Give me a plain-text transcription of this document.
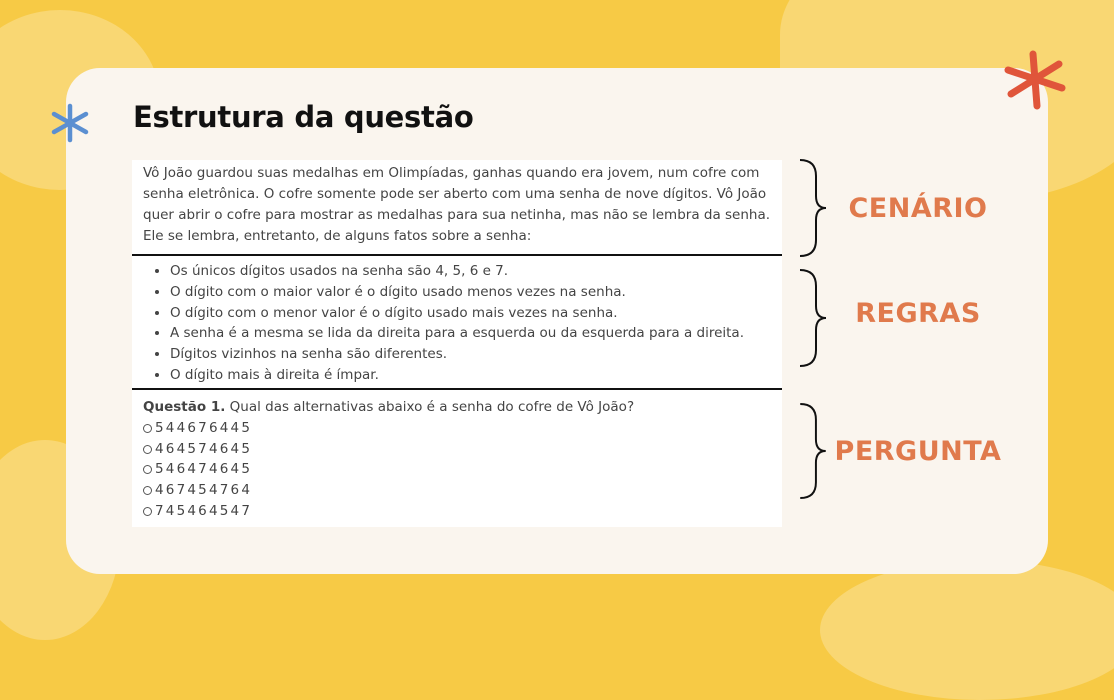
Estrutura da questão
Vô João guardou suas medalhas em Olimpíadas, ganhas quando era jovem, num cofre com senha eletrônica. O cofre somente pode ser aberto com uma senha de nove dígitos. Vô João quer abrir o cofre para mostrar as medalhas para sua netinha, mas não se lembra da senha. Ele se lembra, entretanto, de alguns fatos sobre a senha:
• Os únicos dígitos usados na senha são 4, 5, 6 e 7.
• O dígito com o maior valor é o dígito usado menos vezes na senha.
• O dígito com o menor valor é o dígito usado mais vezes na senha.
• A senha é a mesma se lida da direita para a esquerda ou da esquerda para a direita.
• Dígitos vizinhos na senha são diferentes.
• O dígito mais à direita é ímpar.
Questão 1. Qual das alternativas abaixo é a senha do cofre de Vô João?
544676445
464574645
546474645
467454764
745464547
CENÁRIO
REGRAS
PERGUNTA
